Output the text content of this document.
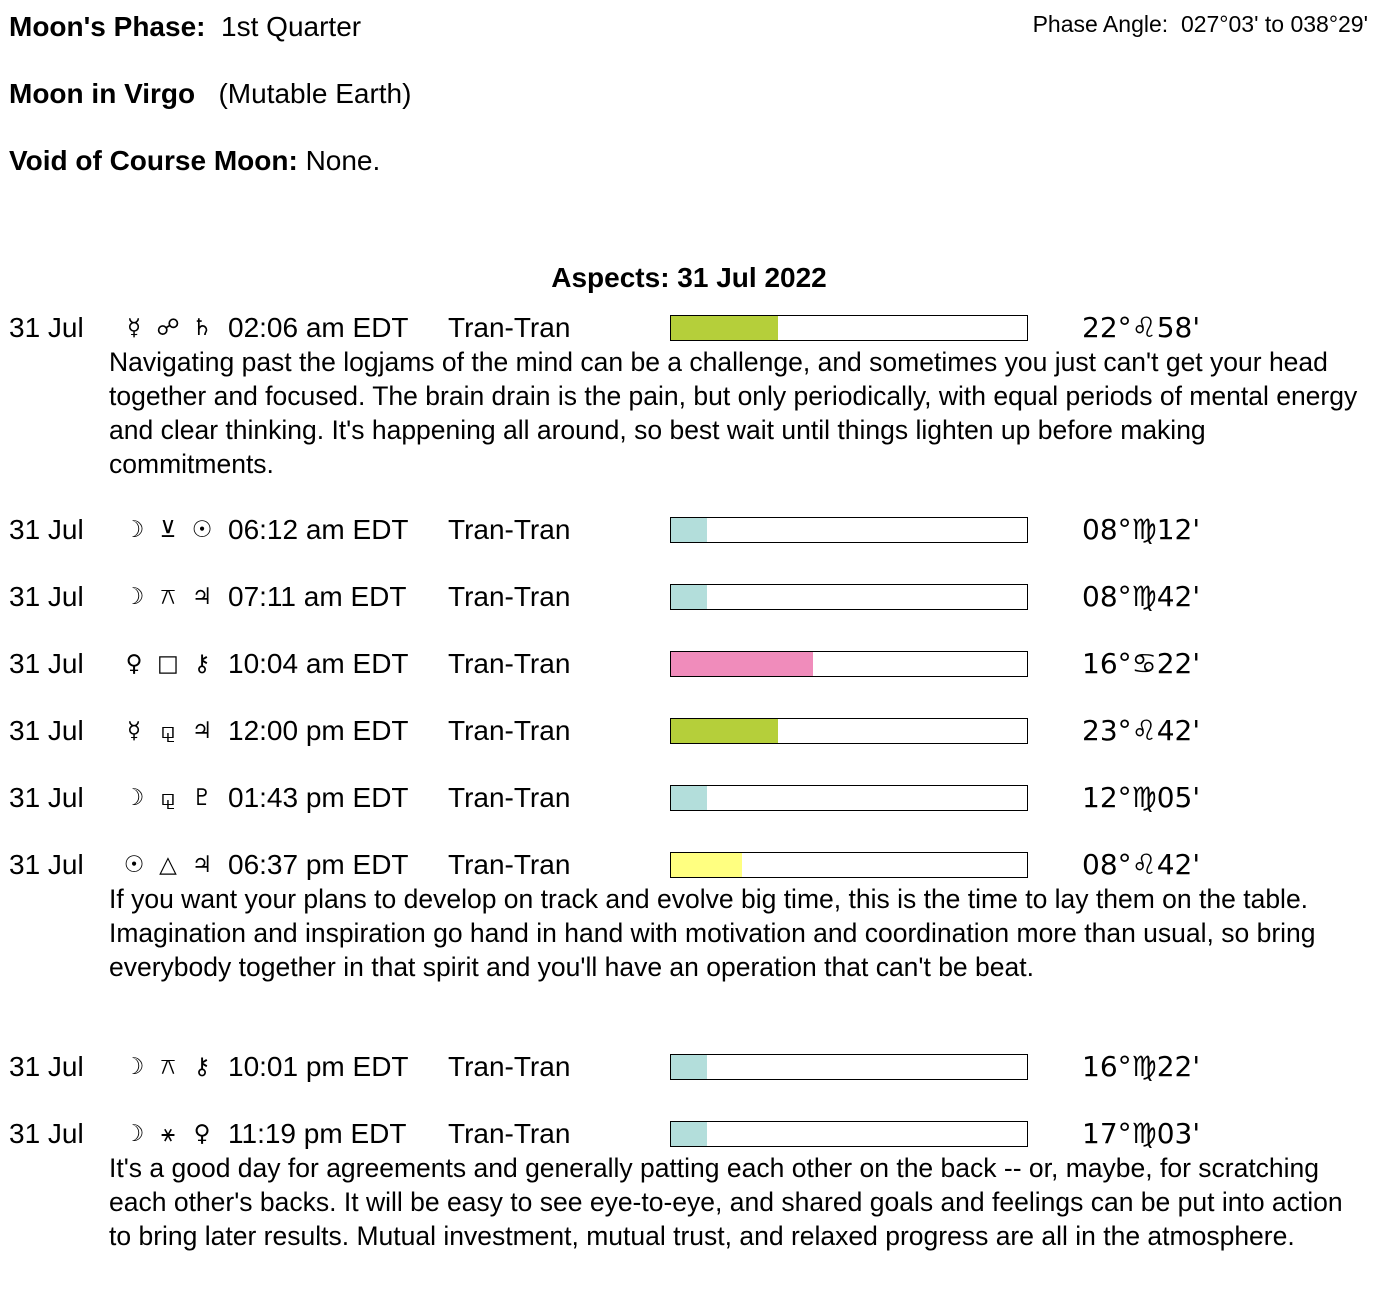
Moon's Phase: 1st Quarter	Phase Angle: 027°03' to 038°29'
Moon in Virgo (Mutable Earth)
Void of Course Moon: None.
Aspects: 31 Jul 2022
31 Jul	☿ ☍ ♄ 02:06 am EDT Tran-Tran	22°♌58'
Navigating past the logjams of the mind can be a challenge, and sometimes you just can't get your head together and focused. The brain drain is the pain, but only periodically, with equal periods of mental energy and clear thinking. It's happening all around, so best wait until things lighten up before making commitments.
31 Jul ☽ ⊻ ☉ 06:12 am EDT Tran-Tran	08°♍12'
31 Jul ☽ ⚻ ♃ 07:11 am EDT Tran-Tran	08°♍42'
31 Jul	♀ □ ⚷ 10:04 am EDT Tran-Tran	16°♋22'
31 Jul	☿ ⚼ ♃ 12:00 pm EDT Tran-Tran	23°♌42'
31 Jul ☽ ⚼ ♇ 01:43 pm EDT Tran-Tran	12°♍05'
31 Jul ☉ △ ♃ 06:37 pm EDT Tran-Tran	08°♌42'
If you want your plans to develop on track and evolve big time, this is the time to lay them on the table. Imagination and inspiration go hand in hand with motivation and coordination more than usual, so bring everybody together in that spirit and you'll have an operation that can't be beat.
31 Jul ☽ ⚻ ⚷ 10:01 pm EDT Tran-Tran	16°♍22'
31 Jul ☽ ⚹ ♀ 11:19 pm EDT Tran-Tran	17°♍03'
It's a good day for agreements and generally patting each other on the back -- or, maybe, for scratching each other's backs. It will be easy to see eye-to-eye, and shared goals and feelings can be put into action to bring later results. Mutual investment, mutual trust, and relaxed progress are all in the atmosphere.
